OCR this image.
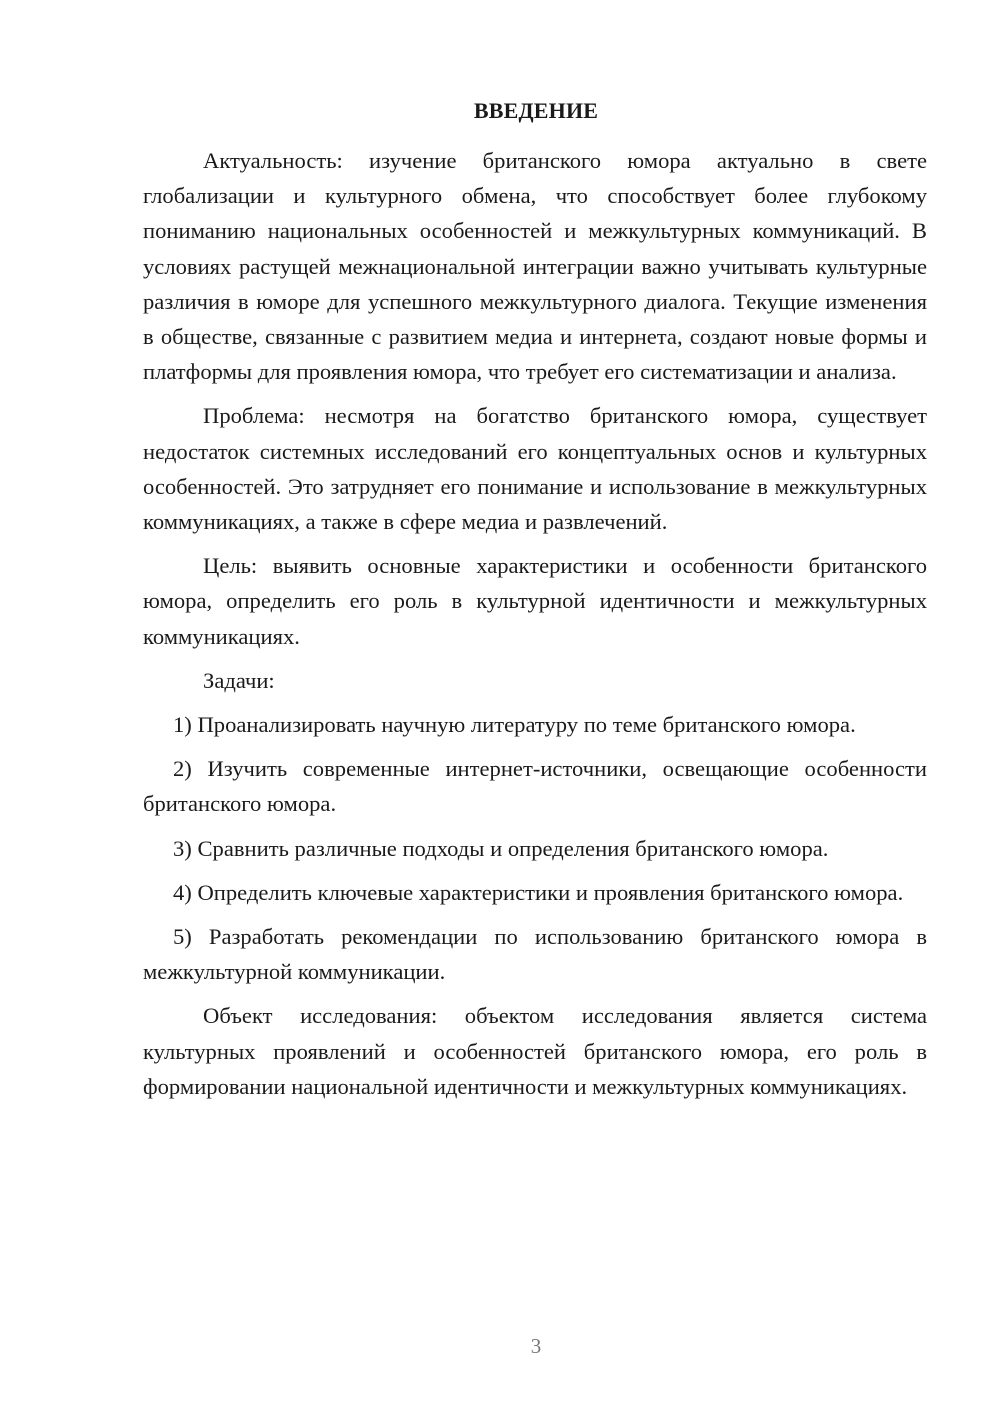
ВВЕДЕНИЕ

Актуальность: изучение британского юмора актуально в свете глобализации и культурного обмена, что способствует более глубокому пониманию национальных особенностей и межкультурных коммуникаций. В условиях растущей межнациональной интеграции важно учитывать культурные различия в юморе для успешного межкультурного диалога. Текущие изменения в обществе, связанные с развитием медиа и интернета, создают новые формы и платформы для проявления юмора, что требует его систематизации и анализа.

Проблема: несмотря на богатство британского юмора, существует недостаток системных исследований его концептуальных основ и культурных особенностей. Это затрудняет его понимание и использование в межкультурных коммуникациях, а также в сфере медиа и развлечений.

Цель: выявить основные характеристики и особенности британского юмора, определить его роль в культурной идентичности и межкультурных коммуникациях.

Задачи:

1) Проанализировать научную литературу по теме британского юмора.

2) Изучить современные интернет-источники, освещающие особенности британского юмора.

3) Сравнить различные подходы и определения британского юмора.

4) Определить ключевые характеристики и проявления британского юмора.

5) Разработать рекомендации по использованию британского юмора в межкультурной коммуникации.

Объект исследования: объектом исследования является система культурных проявлений и особенностей британского юмора, его роль в формировании национальной идентичности и межкультурных коммуникациях.

3
